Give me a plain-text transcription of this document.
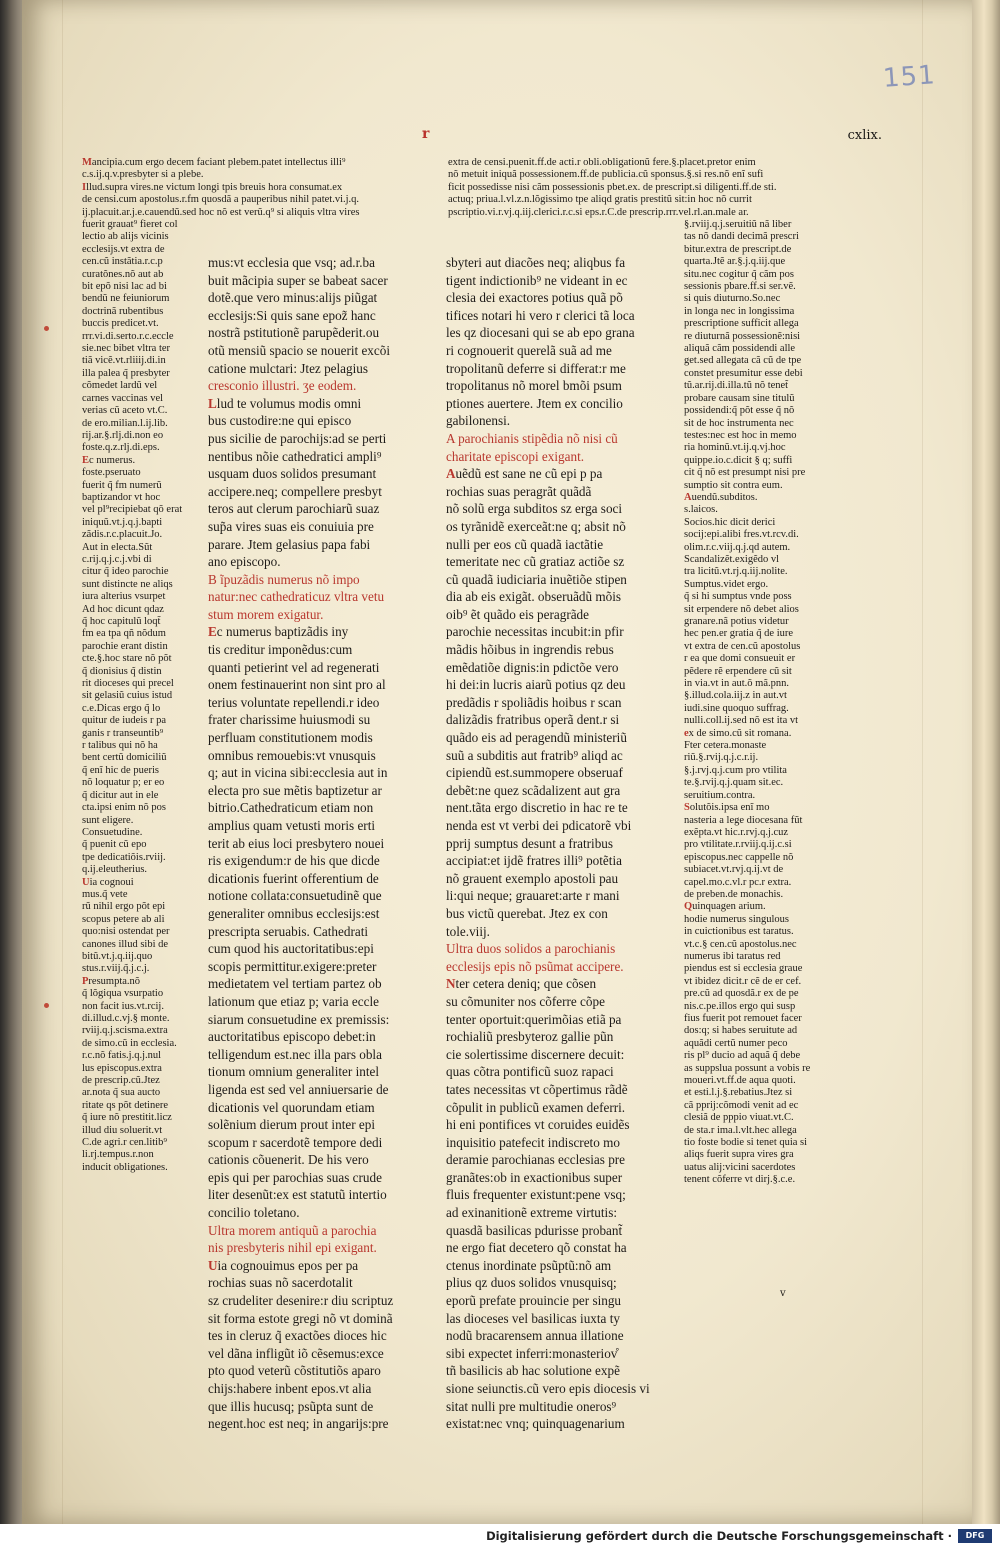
151
r	cxlix.
Mancipia.cum ergo decem faciant plebem.patet intellectus illi⁹
c.s.ij.q.v.presbyter si a plebe.
Illud.supra vires.ne victum longi tpis breuis hora consumat.ex
de censi.cum apostolus.r.fm quosdã a pauperibus nihil patet.vi.j.q.
ij.placuit.ar.j.e.cauendũ.sed hoc nõ est verũ.q⁹ si aliquis vltra vires
extra de censi.puenit.ff.de acti.r obli.obligationũ fere.§.placet.pretor enim
nõ metuit iniquã possessionem.ff.de publicia.cũ sponsus.§.si res.nõ enĩ sufi
ficit possedisse nisi cãm possessionis pbet.ex. de prescript.si diligenti.ff.de sti.
actuq; priua.l.vl.z.n.lõgissimo tpe aliqd gratis prestitũ sit:in hoc nõ currit
pscriptio.vi.r.vj.q.iij.clerici.r.c.si eps.r.C.de prescrip.rrr.vel.rl.an.male ar.
fuerit grauat⁹ fieret col
lectio ab alijs vicinis
ecclesijs.vt extra de
cen.cũ instãtia.r.c.p
curatõnes.nõ aut ab
bit epõ nisi lac ad bi
bendũ ne feiuniorum
doctrinã rubentibus
buccis predicet.vt.
rrr.vi.di.serto.r.c.eccle
sie.nec bibet vltra ter
tiã vicẽ.vt.rliiij.di.in
illa palea q̃ presbyter
cõmedet lardũ vel
carnes vaccinas vel
verias cũ aceto vt.C.
de ero.milian.l.ij.lib.
rij.ar.§.rlj.di.non eo
foste.q.z.rlj.di.eps.
Ec numerus.
foste.pseruato
fuerit q̃ fm numerũ
baptizandor vt hoc
vel pl⁹recipiebat qõ erat
iniquũ.vt.j.q.j.bapti
zãdis.r.c.placuit.Jo.
Aut in electa.Sũt
c.rij.q.j.c.j.vbi di
citur q̃ ideo parochie
sunt distincte ne aliqs
iura alterius vsurpet
Ad hoc dicunt qdaz
q̃ hoc capitulũ loqt̃
fm ea tpa qñ nõdum
parochie erant distin
cte.§.hoc stare nõ põt
q̃ dionisius q̃ distin
rit dioceses qui precel
sit gelasiũ cuius istud
c.e.Dicas ergo q̃ lo
quitur de iudeis r pa
ganis r transeuntib⁹
r talibus qui nõ ha
bent certũ domiciliũ
q̃ enĩ hic de pueris
nõ loquatur p; er eo
q̃ dicitur aut in ele
cta.ipsi enim nõ pos
sunt eligere.
Consuetudine.
q̃ puenit cũ epo
tpe dedicatiõis.rviij.
q.ij.eleutherius.
Uia cognoui
mus.q̃ vete
rũ nihil ergo põt epi
scopus petere ab ali
quo:nisi ostendat per
canones illud sibi de
bitũ.vt.j.q.iij.quo
stus.r.viij.q̃.j.c.j.
Presumpta.nõ
q̃ lõgiqua vsurpatio
non facit ius.vt.rcij.
di.illud.c.vj.§ monte.
rviij.q.j.scisma.extra
de simo.cũ in ecclesia.
r.c.nõ fatis.j.q.j.nul
lus episcopus.extra
de prescrip.cũ.Jtez
ar.nota q̃ sua aucto
ritate qs põt detinere
q̃ iure nõ prestitit.licz
illud diu soluerit.vt
C.de agri.r cen.litib⁹
li.rj.tempus.r.non
inducit obligationes.
§.rviij.q.j.seruitiũ nã liber
tas nõ dandi decimã prescri
bitur.extra de prescript.de
quarta.Jtẽ ar.§.j.q.iij.que
situ.nec cogitur q̃ cãm pos
sessionis pbare.ff.si ser.vẽ.
si quis diuturno.So.nec
in longa nec in longissima
prescriptione sufficit allega
re diuturnã possessionẽ:nisi
aliquã cãm possidendi alle
get.sed allegata cã cũ de tpe
constet presumitur esse debi
tũ.ar.rij.di.illa.tũ nõ tenet̃
probare causam sine titulũ
possidendi:q̃ põt esse q̃ nõ
sit de hoc instrumenta nec
testes:nec est hoc in memo
ria hominũ.vt.ij.q.vj.hoc
quippe.io.c.dicit § q; suffi
cit q̃ nõ est presumpt nisi pre
sumptio sit contra eum.
Auendũ.subditos.
s.laicos.
Socios.hic dicit derici
socij:epi.alibi fres.vt.rcv.di.
olim.r.c.viij.q.j.qd autem.
Scandalizẽt.exigẽdo vl
tra licitũ.vt.rj.q.iij.nolite.
Sumptus.videt ergo.
q̃ si hi sumptus vnde poss
sit erpendere nõ debet alios
granare.nã potius videtur
hec pen.er gratia q̃ de iure
vt extra de cen.cũ apostolus
r ea que domi consueuit er
pẽdere rẽ erpendere cũ sit
in via.vt in aut.õ mã.pnn.
§.illud.cola.iij.z in aut.vt
iudi.sine quoquo suffrag.
nulli.coll.ij.sed nõ est ita vt
ex de simo.cũ sit romana.
Fter cetera.monaste
riũ.§.rvij.q.j.c.r.ij.
§.j.rvj.q.j.cum pro vtilita
te.§.rvij.q.j.quam sit.ec.
seruitium.contra.
Solutõis.ipsa enĩ mo
nasteria a lege diocesana fũt
exẽpta.vt hic.r.rvj.q.j.cuz
pro vtilitate.r.rviij.q.ij.c.si
episcopus.nec cappelle nõ
subiacet.vt.rvj.q.ij.vt de
capel.mo.c.vl.r pc.r extra.
de preben.de monachis.
Quinquagen arium.
hodie numerus singulous
in cuictionibus est taratus.
vt.c.§ cen.cũ apostolus.nec
numerus ibi taratus red
piendus est si ecclesia graue
vt ibidez dicit.r cẽ de er cef.
pre.cũ ad quosdã.r ex de pe
nis.c.pe.illos ergo qui susp
fius fuerit pot remouet facer
dos:q; si habes seruitute ad
aquãdi certũ numer peco
ris pl⁹ ducio ad aquã q̃ debe
as suppslua possunt a vobis re
moueri.vt.ff.de aqua quoti.
et esti.l.j.§.rebatius.Jtez si
cã pprij:cõmodi venit ad ec
clesiã de pppio viuat.vt.C.
de sta.r ima.l.vlt.hec allega
tio foste bodie si tenet quia si
aliqs fuerit supra vires gra
uatus alij:vicini sacerdotes
tenent cõferre vt dirj.§.c.e.
mus:vt ecclesia que vsq; ad.r.ba
buit mãcipia super se babeat sacer
dotẽ.que vero minus:alijs piũgat
ecclesijs:Si quis sane epoz̃ hanc
nostrã pstitutionẽ parupẽderit.ou
otũ mensiũ spacio se nouerit excõi
catione mulctari: Jtez pelagius
cresconio illustri. ʒe eodem.
Llud te volumus modis omni
bus custodire:ne qui episco
pus sicilie de parochijs:ad se perti
nentibus nõie cathedratici ampli⁹
usquam duos solidos presumant
accipere.neq; compellere presbyt
teros aut clerum parochiarũ suaz
sup̃a vires suas eis conuiuia pre
parare. Jtem gelasius papa fabi
ano episcopo.
B ĩpuzãdis numerus nõ impo
natur:nec cathedraticuz vltra vetu
stum morem exigatur.
Ec numerus baptizãdis iny
tis creditur imponẽdus:cum
quanti petierint vel ad regenerati
onem festinauerint non sint pro al
terius voluntate repellendi.r ideo
frater charissime huiusmodi su
perfluam constitutionem modis
omnibus remouebis:vt vnusquis
q; aut in vicina sibi:ecclesia aut in
electa pro sue mẽtis baptizetur ar
bitrio.Cathedraticum etiam non
amplius quam vetusti moris erti
terit ab eius loci presbytero nouei
ris exigendum:r de his que dicde
dicationis fuerint offerentium de
notione collata:consuetudinẽ que
generaliter omnibus ecclesijs:est
prescripta seruabis. Cathedrati
cum quod his auctoritatibus:epi
scopis permittitur.exigere:preter
medietatem vel tertiam partez ob
lationum que etiaz p; varia eccle
siarum consuetudine ex premissis:
auctoritatibus episcopo debet:in
telligendum est.nec illa pars obla
tionum omnium generaliter intel
ligenda est sed vel anniuersarie de
dicationis vel quorundam etiam
solẽnium dierum prout inter epi
scopum r sacerdotẽ tempore dedi
cationis cõuenerit. De his vero
epis qui per parochias suas crude
liter desenũt:ex est statutũ intertio
concilio toletano.
Ultra morem antiquũ a parochia
nis presbyteris nihil epi exigant.
Uia cognouimus epos per pa
rochias suas nõ sacerdotalit
sz crudeliter desenire:r diu scriptuz
sit forma estote gregi nõ vt dominã
tes in cleruz q̃ exactões dioces hic
vel dãna infligũt iõ cẽsemus:exce
pto quod veterũ cõstitutiõs aparo
chijs:habere inbent epos.vt alia
que illis hucusq; psũpta sunt de
negent.hoc est neq; in angarijs:pre
sbyteri aut diacões neq; aliqbus fa
tigent indictionib⁹ ne videant in ec
clesia dei exactores potius quã põ
tifices notari hi vero r clerici tã loca
les qz diocesani qui se ab epo grana
ri cognouerit querelã suã ad me
tropolitanũ deferre si differat:r me
tropolitanus nõ morel bmõi psum
ptiones auertere. Jtem ex concilio
gabilonensi.
A parochianis stipẽdia nõ nisi cũ
charitate episcopi exigant.
Auẽdũ est sane ne cũ epi p pa
rochias suas peragrãt quãdã
nõ solũ erga subditos sz erga soci
os tyrãnidẽ exerceãt:ne q; absit nõ
nulli per eos cũ quadã iactãtie
temeritate nec cũ gratiaz actiõe sz
cũ quadã iudiciaria inuẽtiõe stipen
dia ab eis exigãt. obseruãdũ mõis
oib⁹ ẽt quãdo eis peragrãde
parochie necessitas incubit:in pfir
mãdis hõibus in ingrendis rebus
emẽdatiõe dignis:in pdictõe vero
hi dei:in lucris aiarũ potius qz deu
predãdis r spoliãdis hoibus r scan
dalizãdis fratribus operã dent.r si
quãdo eis ad peragendũ ministeriũ
suũ a subditis aut fratrib⁹ aliqd ac
cipiendũ est.summopere obseruaf
debẽt:ne quez scãdalizent aut gra
nent.tãta ergo discretio in hac re te
nenda est vt verbi dei pdicatorẽ vbi
pprij sumptus desunt a fratribus
accipiat:et ijdẽ fratres illi⁹ potẽtia
nõ grauent exemplo apostoli pau
li:qui neque; grauaret:arte r mani
bus victũ querebat. Jtez ex con
tole.viij.
Ultra duos solidos a parochianis
ecclesijs epis nõ psũmat accipere.
Nter cetera deniq; que cõsen
su cõmuniter nos cõferre cõpe
tenter oportuit:querimõias etiã pa
rochialiũ presbyteroz gallie pũn
cie solertissime discernere decuit:
quas cõtra pontificũ suoz rapaci
tates necessitas vt cõpertimus rãdẽ
cõpulit in publicũ examen deferri.
hi eni pontifices vt coruides euidẽs
inquisitio patefecit indiscreto mo
deramie parochianas ecclesias pre
granãtes:ob in exactionibus super
fluis frequenter existunt:pene vsq;
ad exinanitionẽ extreme virtutis:
quasdã basilicas pdurisse probant̃
ne ergo fiat decetero qõ constat ha
ctenus inordinate psũptũ:nõ am
plius qz duos solidos vnusquisq;
eporũ prefate prouincie per singu
las dioceses vel basilicas iuxta ty
nodũ bracarensem annua illatione
sibi expectet inferri:monasteriov̊
tñ basilicis ab hac solutione expẽ
sione seiunctis.cũ vero epis diocesis vi
sitat nulli pre multitudie oneros⁹
existat:nec vnq; quinquagenarium
v
Digitalisierung gefördert durch die Deutsche Forschungsgemeinschaft ·	DFG
